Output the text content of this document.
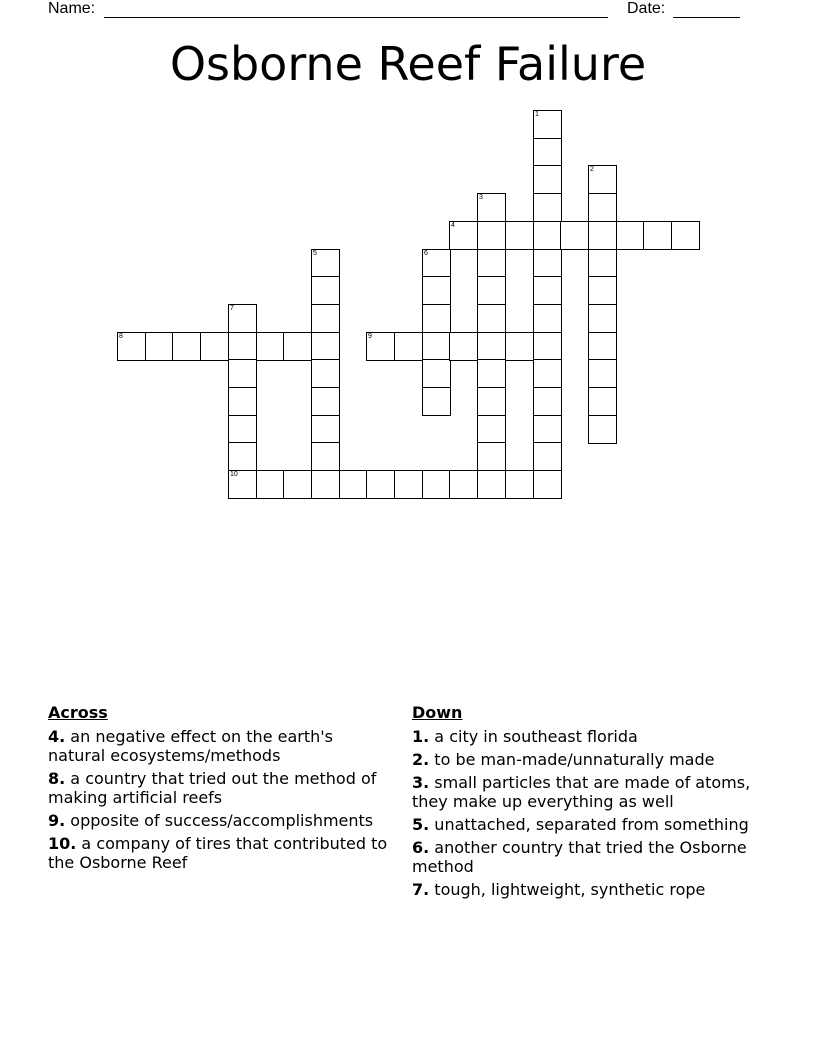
Name:	Date:
Osborne Reef Failure
1
2
3
4
5	6
7
8	9
10
Across
4. an negative effect on the earth's natural ecosystems/methods
8. a country that tried out the method of making artificial reefs
9. opposite of success/accomplishments
10. a company of tires that contributed to the Osborne Reef
Down
1. a city in southeast florida
2. to be man-made/unnaturally made
3. small particles that are made of atoms, they make up everything as well
5. unattached, separated from something
6. another country that tried the Osborne method
7. tough, lightweight, synthetic rope
